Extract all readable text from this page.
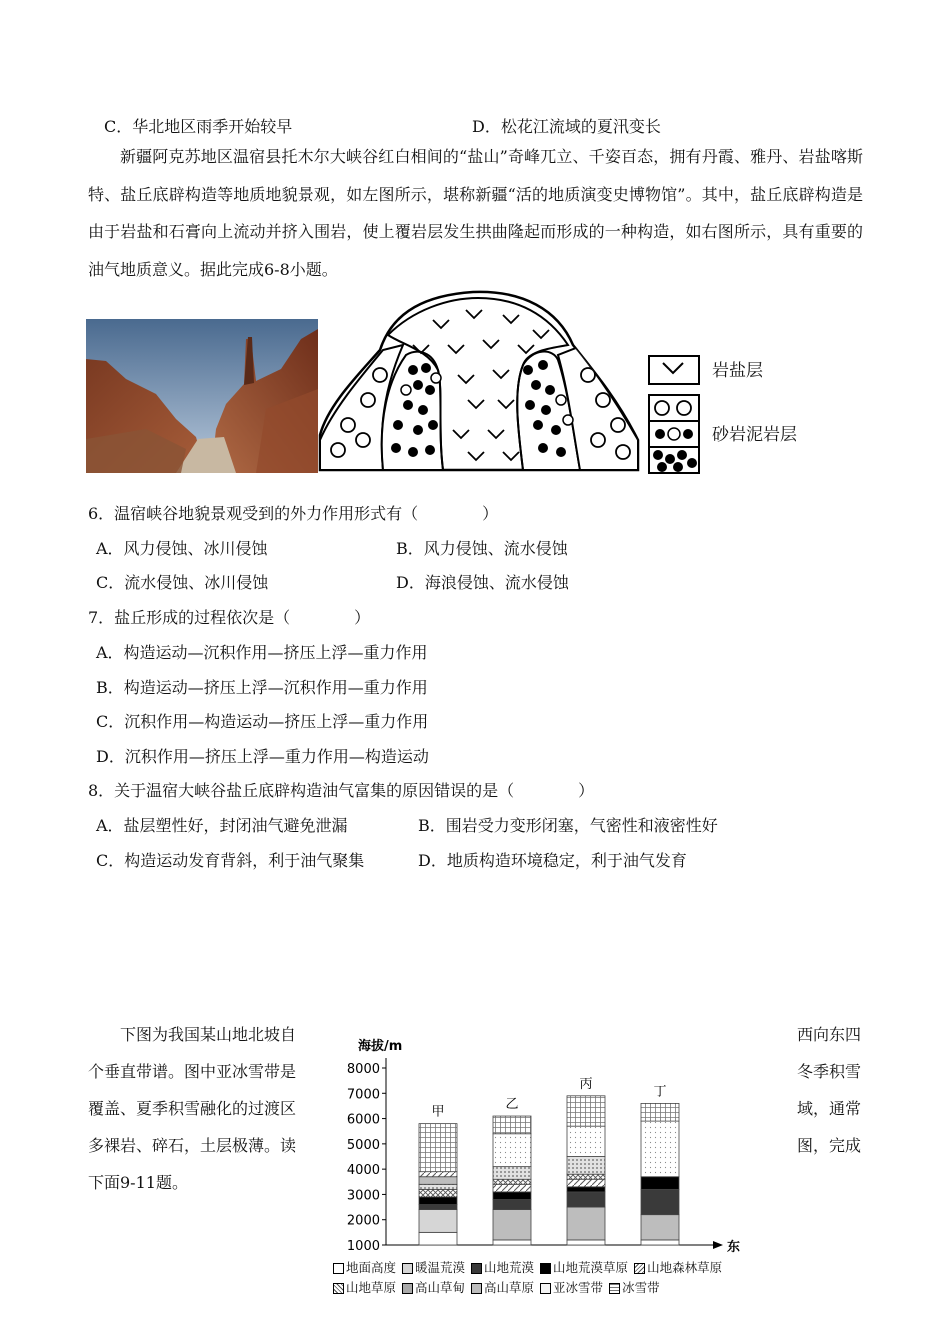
C．华北地区雨季开始较早	D．松花江流域的夏汛变长

新疆阿克苏地区温宿县托木尔大峡谷红白相间的“盐山”奇峰兀立、千姿百态，拥有丹霞、雅丹、岩盐喀斯特、盐丘底辟构造等地质地貌景观，如左图所示，堪称新疆“活的地质演变史博物馆”。其中，盐丘底辟构造是由于岩盐和石膏向上流动并挤入围岩，使上覆岩层发生拱曲隆起而形成的一种构造，如右图所示，具有重要的油气地质意义。据此完成6-8小题。

岩盐层
砂岩泥岩层
6．温宿峡谷地貌景观受到的外力作用形式有（　　　　）
A．风力侵蚀、冰川侵蚀	B．风力侵蚀、流水侵蚀
C．流水侵蚀、冰川侵蚀	D．海浪侵蚀、流水侵蚀
7．盐丘形成的过程依次是（　　　　）
A．构造运动—沉积作用—挤压上浮—重力作用
B．构造运动—挤压上浮—沉积作用—重力作用
C．沉积作用—构造运动—挤压上浮—重力作用
D．沉积作用—挤压上浮—重力作用—构造运动
8．关于温宿大峡谷盐丘底辟构造油气富集的原因错误的是（　　　　）
A．盐层塑性好，封闭油气避免泄漏	B．围岩受力变形闭塞，气密性和液密性好
C．构造运动发育背斜，利于油气聚集	D．地质构造环境稳定，利于油气发育
下图为我国某山地北坡自
个垂直带谱。图中亚冰雪带是
覆盖、夏季积雪融化的过渡区
多裸岩、碎石，土层极薄。读
下面9-11题。
西向东四
冬季积雪
域，通常
图，完成
海拔/m
1000
2000
3000
4000
5000
6000
7000
8000
甲
乙
丙
丁
东
地面高度 暖温荒漠 山地荒漠 山地荒漠草原 山地森林草原山地草原 高山草甸 高山草原 亚冰雪带 冰雪带
